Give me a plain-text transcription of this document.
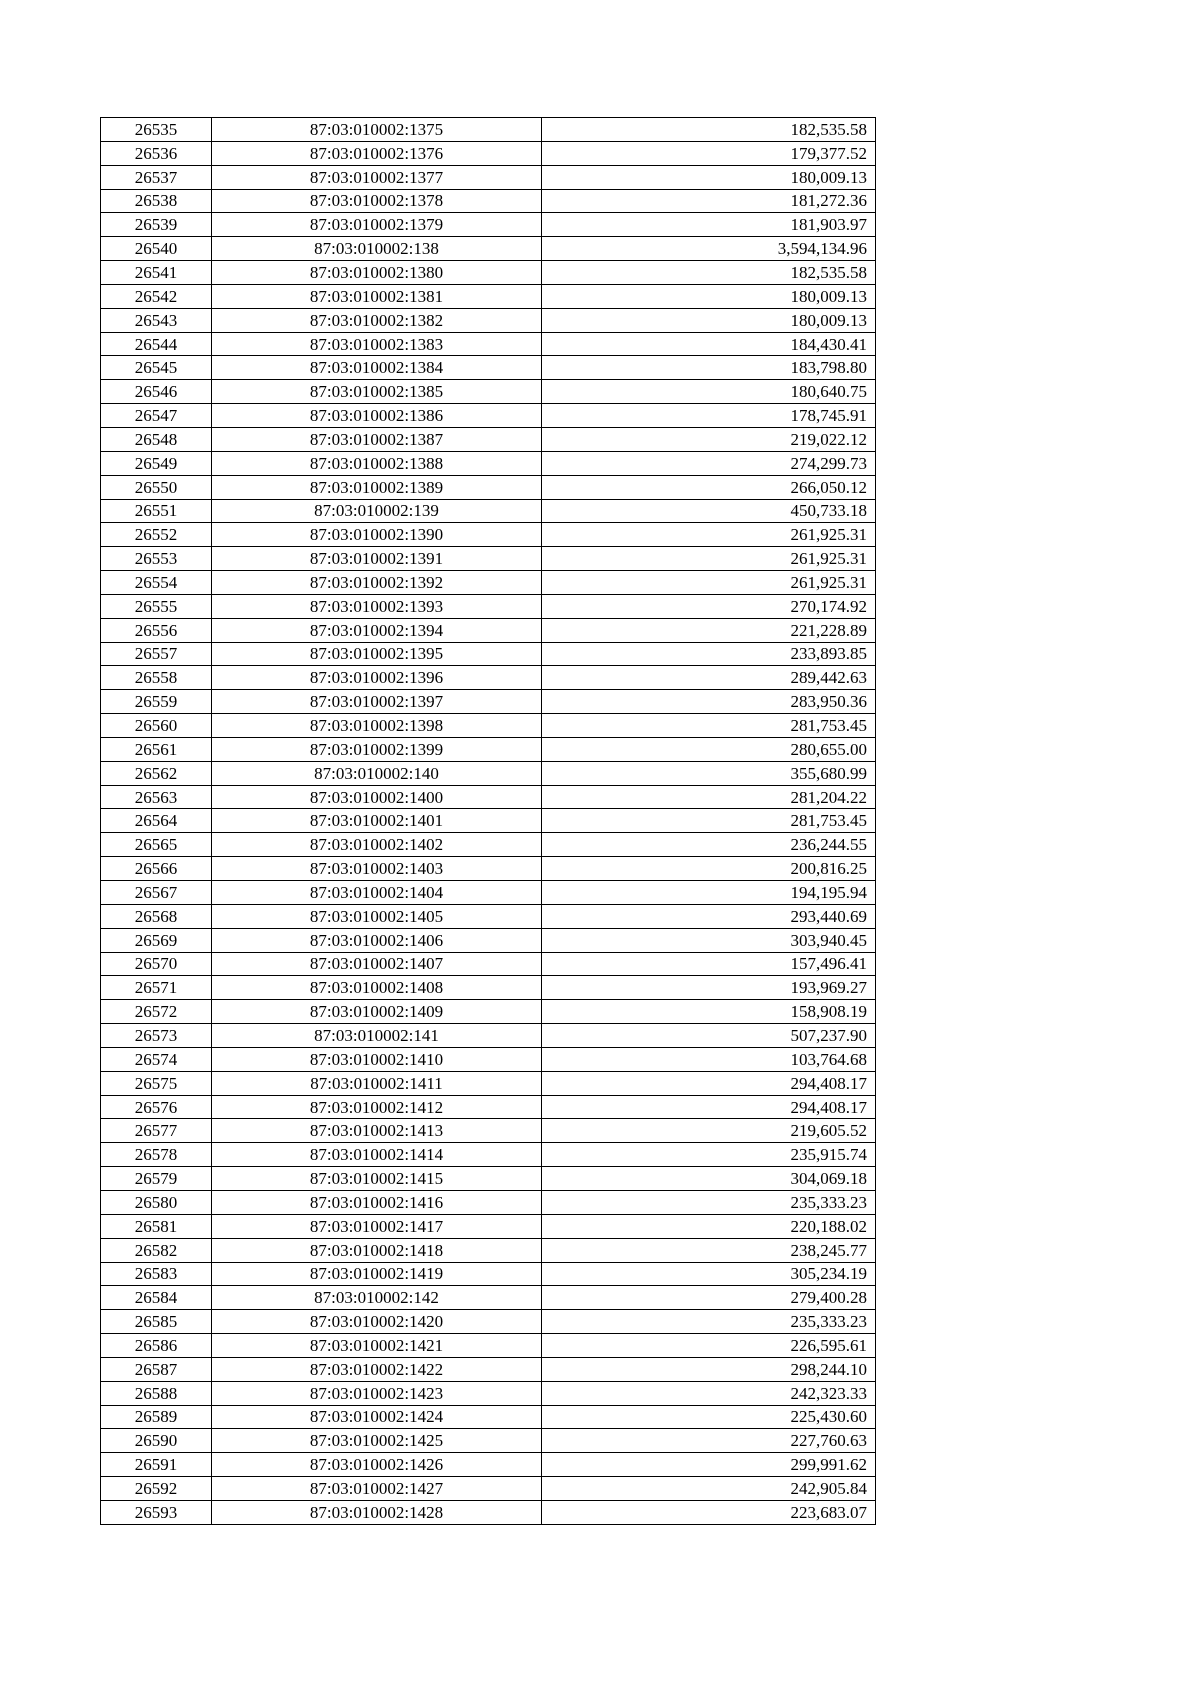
26535	87:03:010002:1375	182,535.58
26536	87:03:010002:1376	179,377.52
26537	87:03:010002:1377	180,009.13
26538	87:03:010002:1378	181,272.36
26539	87:03:010002:1379	181,903.97
26540	87:03:010002:138	3,594,134.96
26541	87:03:010002:1380	182,535.58
26542	87:03:010002:1381	180,009.13
26543	87:03:010002:1382	180,009.13
26544	87:03:010002:1383	184,430.41
26545	87:03:010002:1384	183,798.80
26546	87:03:010002:1385	180,640.75
26547	87:03:010002:1386	178,745.91
26548	87:03:010002:1387	219,022.12
26549	87:03:010002:1388	274,299.73
26550	87:03:010002:1389	266,050.12
26551	87:03:010002:139	450,733.18
26552	87:03:010002:1390	261,925.31
26553	87:03:010002:1391	261,925.31
26554	87:03:010002:1392	261,925.31
26555	87:03:010002:1393	270,174.92
26556	87:03:010002:1394	221,228.89
26557	87:03:010002:1395	233,893.85
26558	87:03:010002:1396	289,442.63
26559	87:03:010002:1397	283,950.36
26560	87:03:010002:1398	281,753.45
26561	87:03:010002:1399	280,655.00
26562	87:03:010002:140	355,680.99
26563	87:03:010002:1400	281,204.22
26564	87:03:010002:1401	281,753.45
26565	87:03:010002:1402	236,244.55
26566	87:03:010002:1403	200,816.25
26567	87:03:010002:1404	194,195.94
26568	87:03:010002:1405	293,440.69
26569	87:03:010002:1406	303,940.45
26570	87:03:010002:1407	157,496.41
26571	87:03:010002:1408	193,969.27
26572	87:03:010002:1409	158,908.19
26573	87:03:010002:141	507,237.90
26574	87:03:010002:1410	103,764.68
26575	87:03:010002:1411	294,408.17
26576	87:03:010002:1412	294,408.17
26577	87:03:010002:1413	219,605.52
26578	87:03:010002:1414	235,915.74
26579	87:03:010002:1415	304,069.18
26580	87:03:010002:1416	235,333.23
26581	87:03:010002:1417	220,188.02
26582	87:03:010002:1418	238,245.77
26583	87:03:010002:1419	305,234.19
26584	87:03:010002:142	279,400.28
26585	87:03:010002:1420	235,333.23
26586	87:03:010002:1421	226,595.61
26587	87:03:010002:1422	298,244.10
26588	87:03:010002:1423	242,323.33
26589	87:03:010002:1424	225,430.60
26590	87:03:010002:1425	227,760.63
26591	87:03:010002:1426	299,991.62
26592	87:03:010002:1427	242,905.84
26593	87:03:010002:1428	223,683.07
